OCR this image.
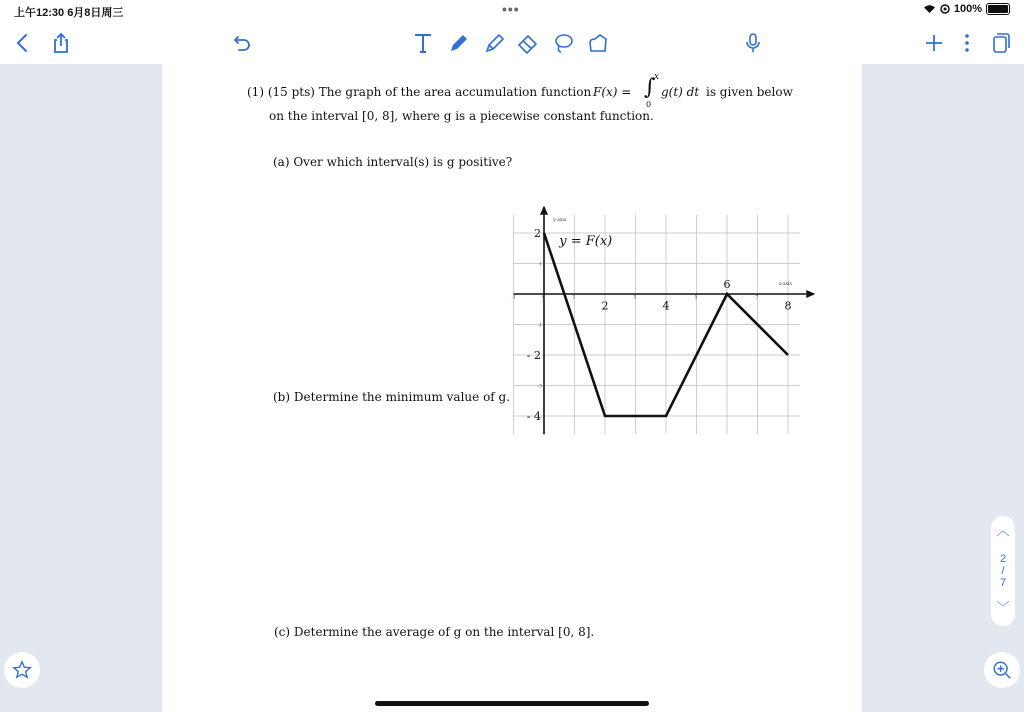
上午12:30 6月8日周三	•••	100%
(1) (15 pts) The graph of the area accumulation function F(x) = ∫
x
0
g(t) dt is given below
on the interval [0, 8], where g is a piecewise constant function.
(a) Over which interval(s) is g positive?
(b) Determine the minimum value of g.
(c) Determine the average of g on the interval [0, 8].
x-axis
y-axis
y = F(x)
2	4
6
8
-1	0	1	3	5	7
2
- 2
- 4
1
-1
-3
︿
2
/
7
﹀
